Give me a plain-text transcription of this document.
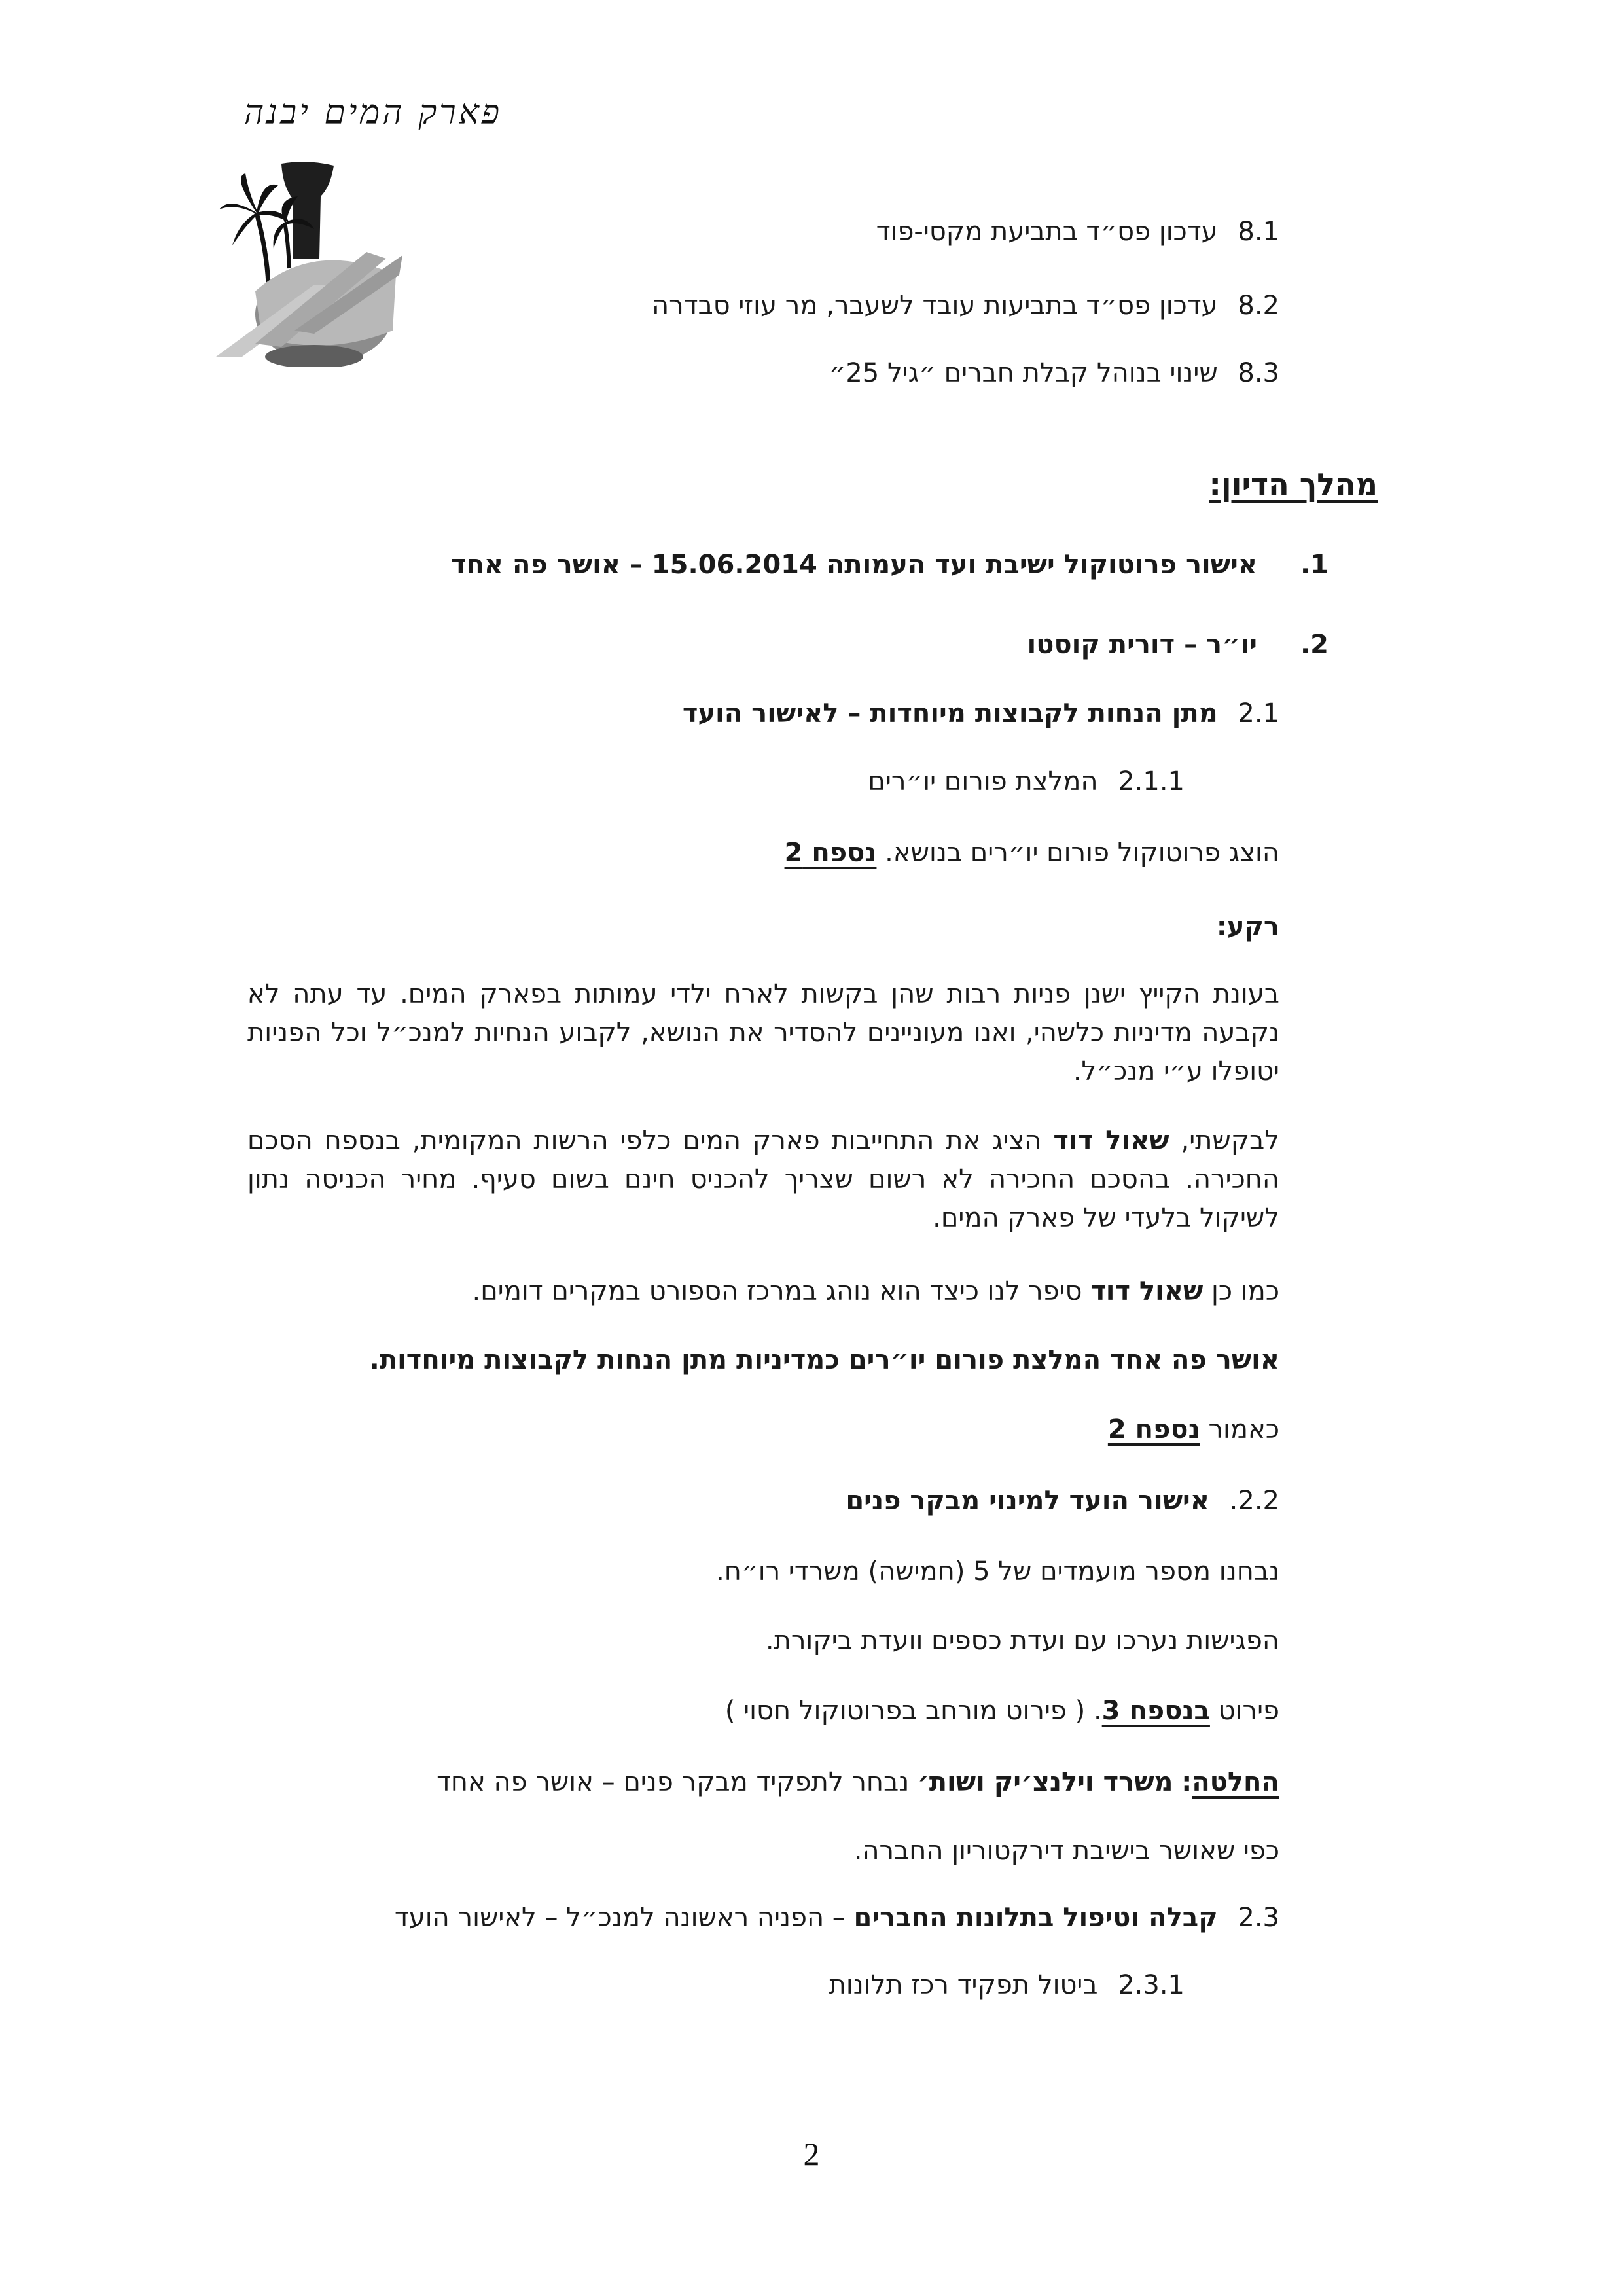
פארק המים יבנה
8.1 עדכון פס״ד בתביעת מקסי-פוד
8.2 עדכון פס״ד בתביעות עובד לשעבר, מר עוזי סבדרה
8.3 שינוי בנוהל קבלת חברים ״גיל 25״
מהלך הדיון:
1. אישור פרוטוקול ישיבת ועד העמותה 15.06.2014 – אושר פה אחד
2. יו״ר – דורית קוסטו
2.1 מתן הנחות לקבוצות מיוחדות – לאישור הועד
2.1.1 המלצת פורום יו״רים
הוצג פרוטוקול פורום יו״רים בנושא. נספח 2
רקע:
בעונת הקייץ ישנן פניות רבות שהן בקשות לארח ילדי עמותות בפארק המים. עד עתה לא נקבעה מדיניות כלשהי, ואנו מעוניינים להסדיר את הנושא, לקבוע הנחיות למנכ״ל וכל הפניות יטופלו ע״י מנכ״ל.
לבקשתי, שאול דוד הציג את התחייבות פארק המים כלפי הרשות המקומית, בנספח הסכם החכירה. בהסכם החכירה לא רשום שצריך להכניס חינם בשום סעיף. מחיר הכניסה נתון לשיקול בלעדי של פארק המים.
כמו כן שאול דוד סיפר לנו כיצד הוא נוהג במרכז הספורט במקרים דומים.
אושר פה אחד המלצת פורום יו״רים כמדיניות מתן הנחות לקבוצות מיוחדות.
כאמור נספח 2
2.2. אישור הועד למינוי מבקר פנים
נבחנו מספר מועמדים של 5 (חמישה) משרדי רו״ח.
הפגישות נערכו עם ועדת כספים וועדת ביקורת.
פירוט בנספח 3. ( פירוט מורחב בפרוטוקול חסוי )
החלטה: משרד וילנצ׳יק ושות׳ נבחר לתפקיד מבקר פנים – אושר פה אחד
כפי שאושר בישיבת דירקטוריון החברה.
2.3 קבלה וטיפול בתלונות החברים – הפניה ראשונה למנכ״ל – לאישור הועד
2.3.1 ביטול תפקיד רכז תלונות
2
